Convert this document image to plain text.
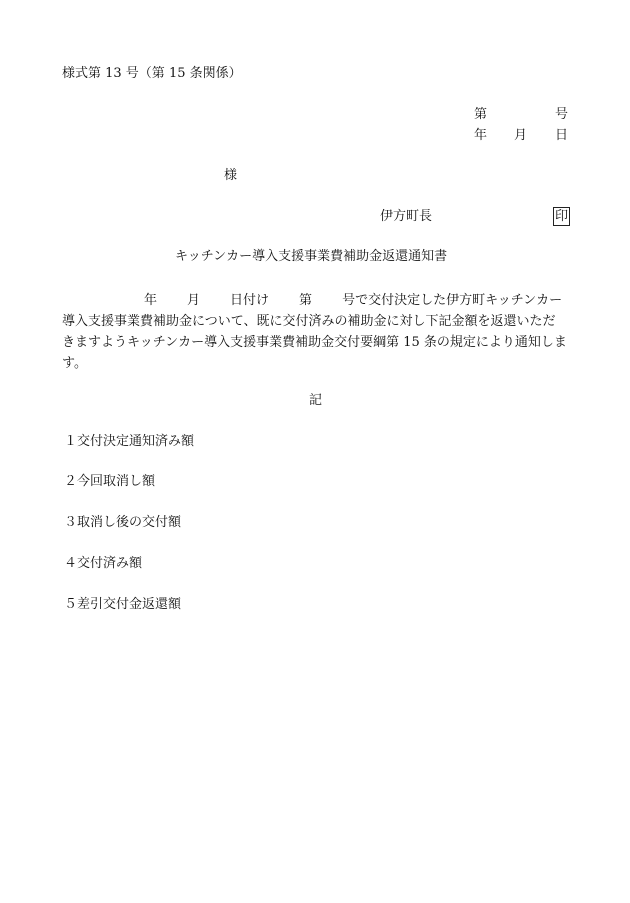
様式第 13 号（第 15 条関係）
第	号
年 月 日
様
伊方町長	印
キッチンカー導入支援事業費補助金返還通知書
年 月 日付け 第 号で交付決定した伊方町キッチンカー導入支援事業費補助金について、既に交付済みの補助金に対し下記金額を返還いただきますようキッチンカー導入支援事業費補助金交付要綱第 15 条の規定により通知します。
記
１交付決定通知済み額
２今回取消し額
３取消し後の交付額
４交付済み額
５差引交付金返還額
